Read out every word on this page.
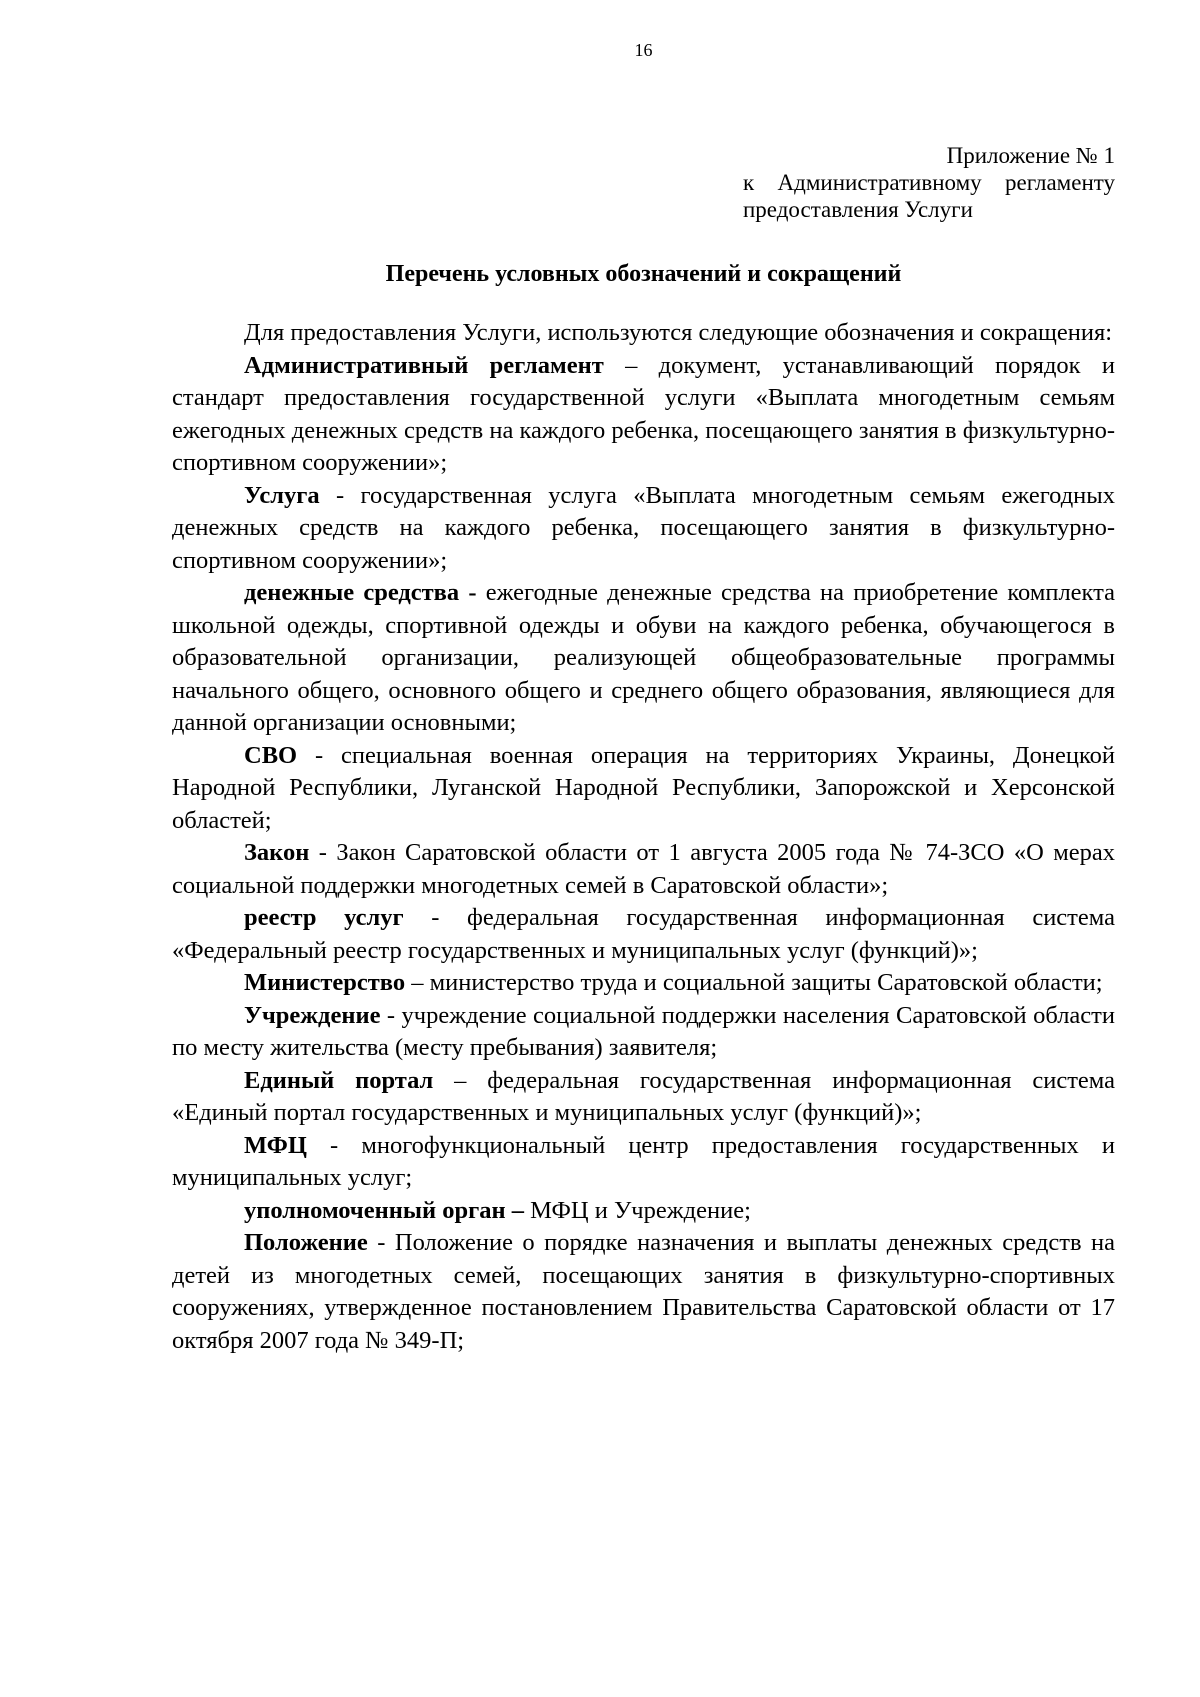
16
Приложение № 1
к Административному регламенту
предоставления Услуги
Перечень условных обозначений и сокращений

Для предоставления Услуги, используются следующие обозначения и сокращения:

Административный регламент – документ, устанавливающий порядок и стандарт предоставления государственной услуги «Выплата многодетным семьям ежегодных денежных средств на каждого ребенка, посещающего занятия в физкультурно-спортивном сооружении»;

Услуга - государственная услуга «Выплата многодетным семьям ежегодных денежных средств на каждого ребенка, посещающего занятия в физкультурно-спортивном сооружении»;

денежные средства - ежегодные денежные средства на приобретение комплекта школьной одежды, спортивной одежды и обуви на каждого ребенка, обучающегося в образовательной организации, реализующей общеобразовательные программы начального общего, основного общего и среднего общего образования, являющиеся для данной организации основными;

СВО - специальная военная операция на территориях Украины, Донецкой Народной Республики, Луганской Народной Республики, Запорожской и Херсонской областей;

Закон - Закон Саратовской области от 1 августа 2005 года № 74-ЗСО «О мерах социальной поддержки многодетных семей в Саратовской области»;

реестр услуг - федеральная государственная информационная система «Федеральный реестр государственных и муниципальных услуг (функций)»;

Министерство – министерство труда и социальной защиты Саратовской области;

Учреждение - учреждение социальной поддержки населения Саратовской области по месту жительства (месту пребывания) заявителя;

Единый портал – федеральная государственная информационная система «Единый портал государственных и муниципальных услуг (функций)»;

МФЦ - многофункциональный центр предоставления государственных и муниципальных услуг;

уполномоченный орган – МФЦ и Учреждение;

Положение - Положение о порядке назначения и выплаты денежных средств на детей из многодетных семей, посещающих занятия в физкультурно-спортивных сооружениях, утвержденное постановлением Правительства Саратовской области от 17 октября 2007 года № 349-П;
